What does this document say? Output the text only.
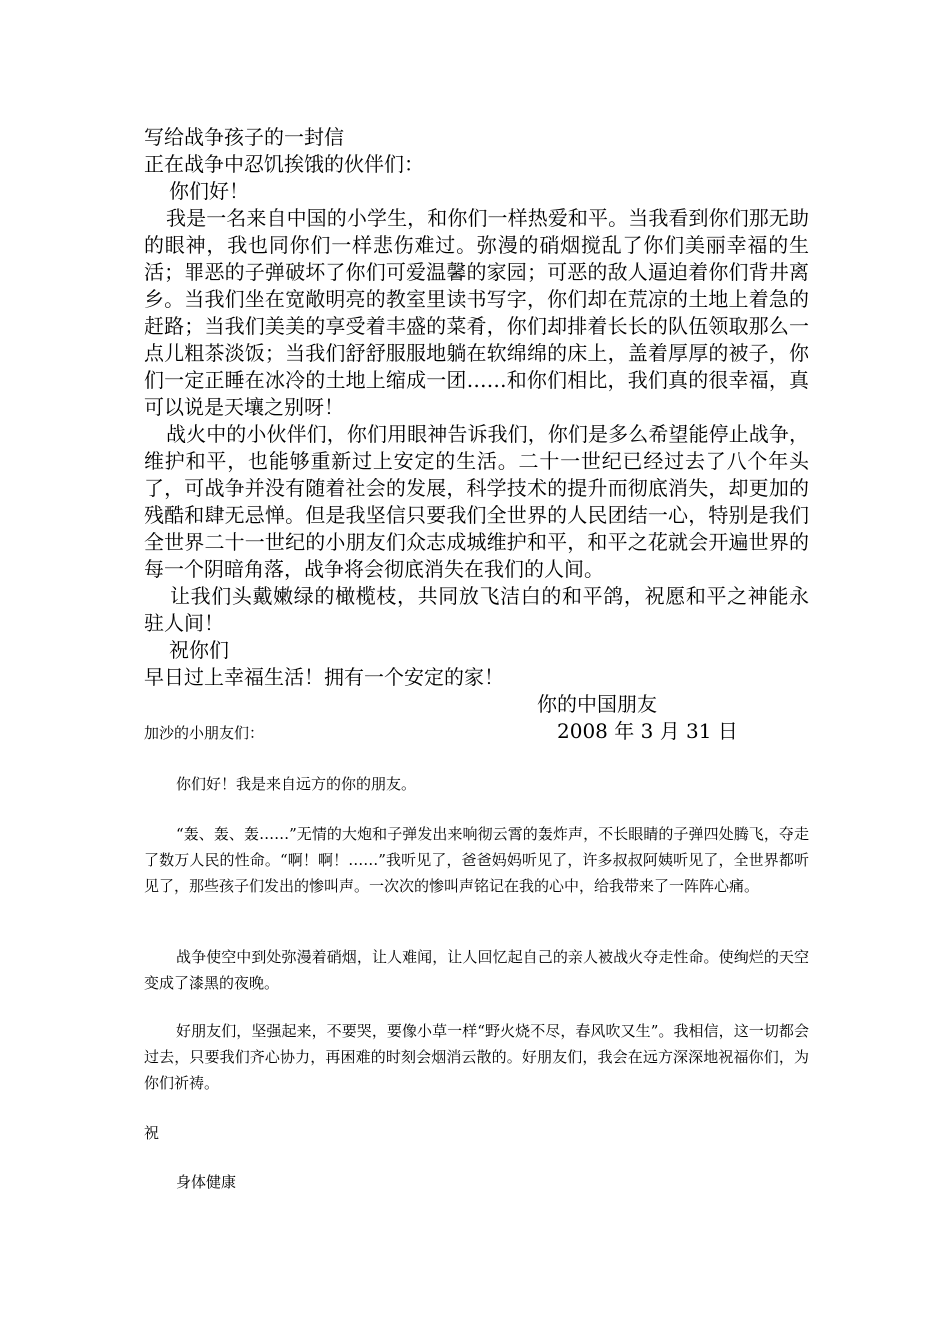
写给战争孩子的一封信

正在战争中忍饥挨饿的伙伴们：

你们好！

我是一名来自中国的小学生，和你们一样热爱和平。当我看到你们那无助的眼神，我也同你们一样悲伤难过。弥漫的硝烟搅乱了你们美丽幸福的生活；罪恶的子弹破坏了你们可爱温馨的家园；可恶的敌人逼迫着你们背井离乡。当我们坐在宽敞明亮的教室里读书写字，你们却在荒凉的土地上着急的赶路；当我们美美的享受着丰盛的菜肴，你们却排着长长的队伍领取那么一点儿粗茶淡饭；当我们舒舒服服地躺在软绵绵的床上，盖着厚厚的被子，你们一定正睡在冰冷的土地上缩成一团……和你们相比，我们真的很幸福，真可以说是天壤之别呀！

战火中的小伙伴们，你们用眼神告诉我们，你们是多么希望能停止战争，维护和平，也能够重新过上安定的生活。二十一世纪已经过去了八个年头了，可战争并没有随着社会的发展，科学技术的提升而彻底消失，却更加的残酷和肆无忌惮。但是我坚信只要我们全世界的人民团结一心，特别是我们全世界二十一世纪的小朋友们众志成城维护和平，和平之花就会开遍世界的每一个阴暗角落，战争将会彻底消失在我们的人间。

让我们头戴嫩绿的橄榄枝，共同放飞洁白的和平鸽，祝愿和平之神能永驻人间！

祝你们

早日过上幸福生活！拥有一个安定的家！

你的中国朋友

2008 年 3 月 31 日

加沙的小朋友们：

你们好！我是来自远方的你的朋友。

“轰、轰、轰……”无情的大炮和子弹发出来响彻云霄的轰炸声，不长眼睛的子弹四处腾飞，夺走了数万人民的性命。“啊！啊！……”我听见了，爸爸妈妈听见了，许多叔叔阿姨听见了，全世界都听见了，那些孩子们发出的惨叫声。一次次的惨叫声铭记在我的心中，给我带来了一阵阵心痛。

战争使空中到处弥漫着硝烟，让人难闻，让人回忆起自己的亲人被战火夺走性命。使绚烂的天空变成了漆黑的夜晚。

好朋友们，坚强起来，不要哭，要像小草一样“野火烧不尽，春风吹又生”。我相信，这一切都会过去，只要我们齐心协力，再困难的时刻会烟消云散的。好朋友们，我会在远方深深地祝福你们，为你们祈祷。

祝

身体健康
